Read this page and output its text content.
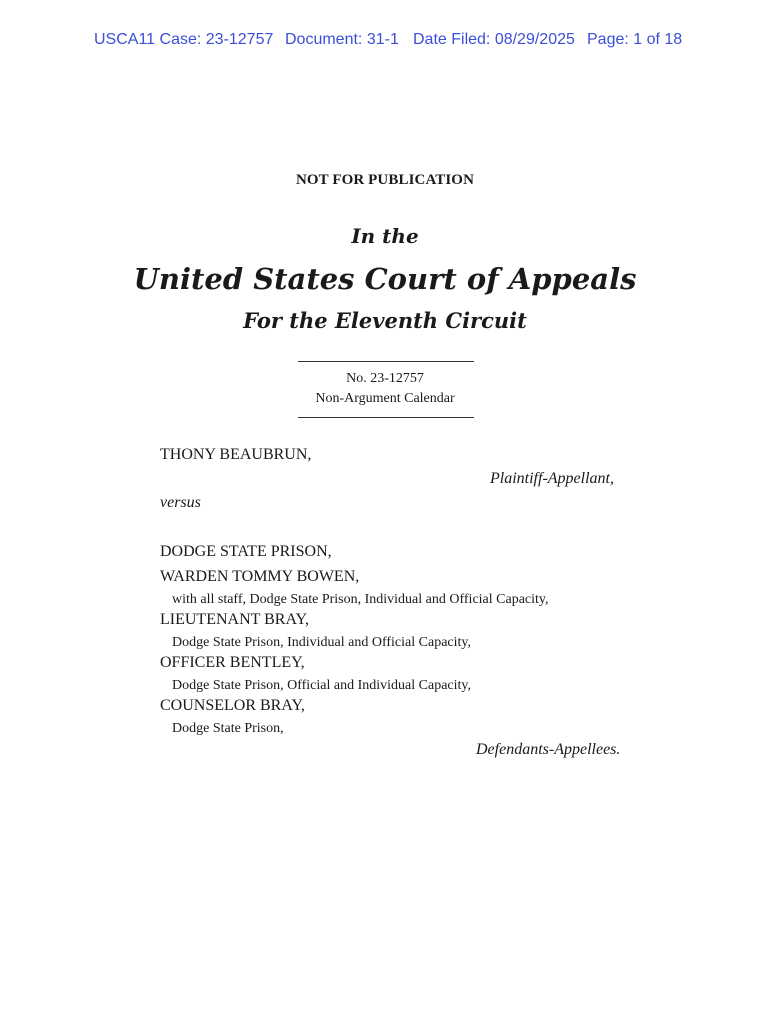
USCA11 Case: 23-12757 Document: 31-1 Date Filed: 08/29/2025 Page: 1 of 18
NOT FOR PUBLICATION
In the
United States Court of Appeals
For the Eleventh Circuit
No. 23-12757
Non-Argument Calendar
THONY BEAUBRUN,
Plaintiff-Appellant,
versus
DODGE STATE PRISON,
WARDEN TOMMY BOWEN,
with all staff, Dodge State Prison, Individual and Official Capacity,
LIEUTENANT BRAY,
Dodge State Prison, Individual and Official Capacity,
OFFICER BENTLEY,
Dodge State Prison, Official and Individual Capacity,
COUNSELOR BRAY,
Dodge State Prison,
Defendants-Appellees.
